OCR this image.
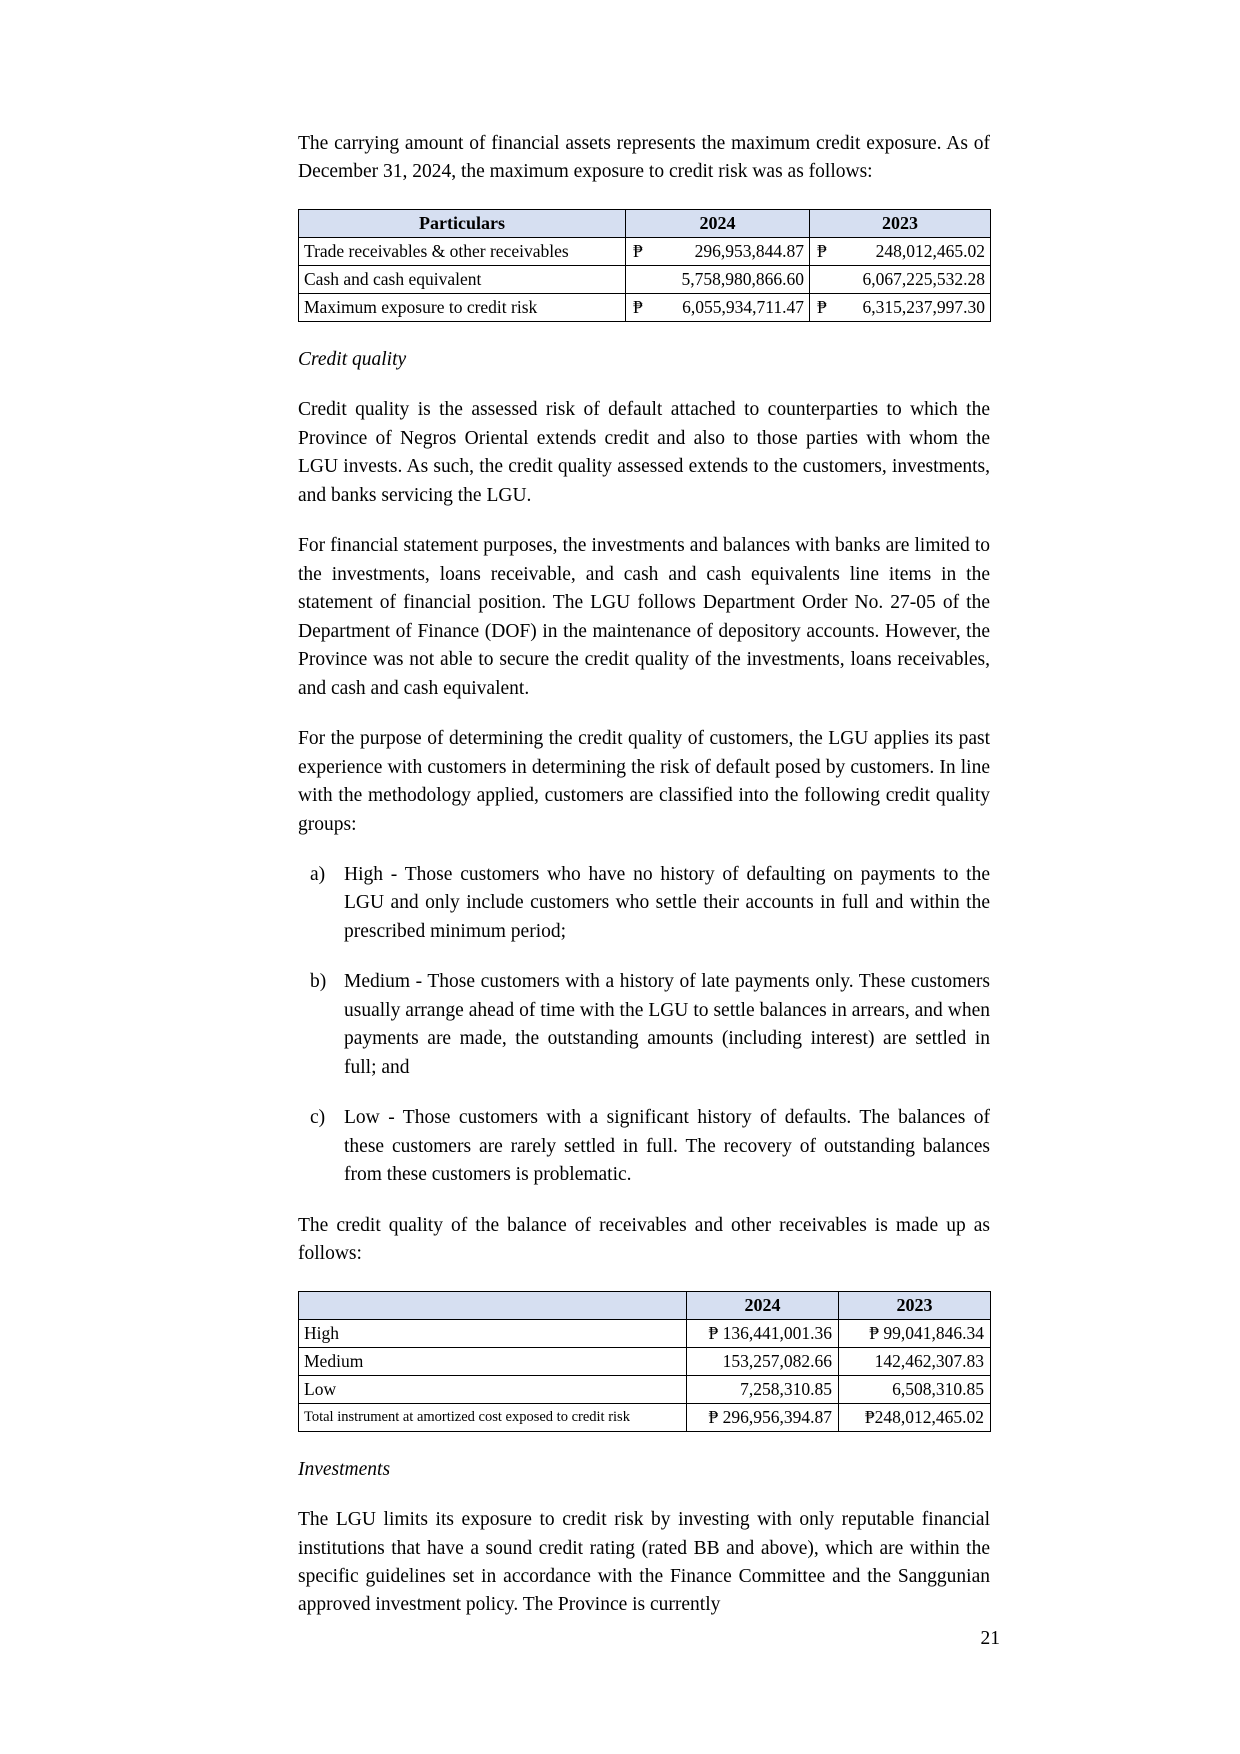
The carrying amount of financial assets represents the maximum credit exposure. As of December 31, 2024, the maximum exposure to credit risk was as follows:

Particulars	2024	2023
Trade receivables & other receivables	₱ 296,953,844.87	₱ 248,012,465.02
Cash and cash equivalent	5,758,980,866.60	6,067,225,532.28
Maximum exposure to credit risk	₱ 6,055,934,711.47	₱ 6,315,237,997.30
Credit quality

Credit quality is the assessed risk of default attached to counterparties to which the Province of Negros Oriental extends credit and also to those parties with whom the LGU invests. As such, the credit quality assessed extends to the customers, investments, and banks servicing the LGU.

For financial statement purposes, the investments and balances with banks are limited to the investments, loans receivable, and cash and cash equivalents line items in the statement of financial position. The LGU follows Department Order No. 27-05 of the Department of Finance (DOF) in the maintenance of depository accounts. However, the Province was not able to secure the credit quality of the investments, loans receivables, and cash and cash equivalent.

For the purpose of determining the credit quality of customers, the LGU applies its past experience with customers in determining the risk of default posed by customers. In line with the methodology applied, customers are classified into the following credit quality groups:

a) High - Those customers who have no history of defaulting on payments to the LGU and only include customers who settle their accounts in full and within the prescribed minimum period;
b) Medium - Those customers with a history of late payments only. These customers usually arrange ahead of time with the LGU to settle balances in arrears, and when payments are made, the outstanding amounts (including interest) are settled in full; and
c) Low - Those customers with a significant history of defaults. The balances of these customers are rarely settled in full. The recovery of outstanding balances from these customers is problematic.

The credit quality of the balance of receivables and other receivables is made up as follows:

	2024	2023
High	₱ 136,441,001.36	₱ 99,041,846.34
Medium	153,257,082.66	142,462,307.83
Low	7,258,310.85	6,508,310.85
Total instrument at amortized cost exposed to credit risk	₱ 296,956,394.87	₱248,012,465.02
Investments

The LGU limits its exposure to credit risk by investing with only reputable financial institutions that have a sound credit rating (rated BB and above), which are within the specific guidelines set in accordance with the Finance Committee and the Sanggunian approved investment policy. The Province is currently

21
